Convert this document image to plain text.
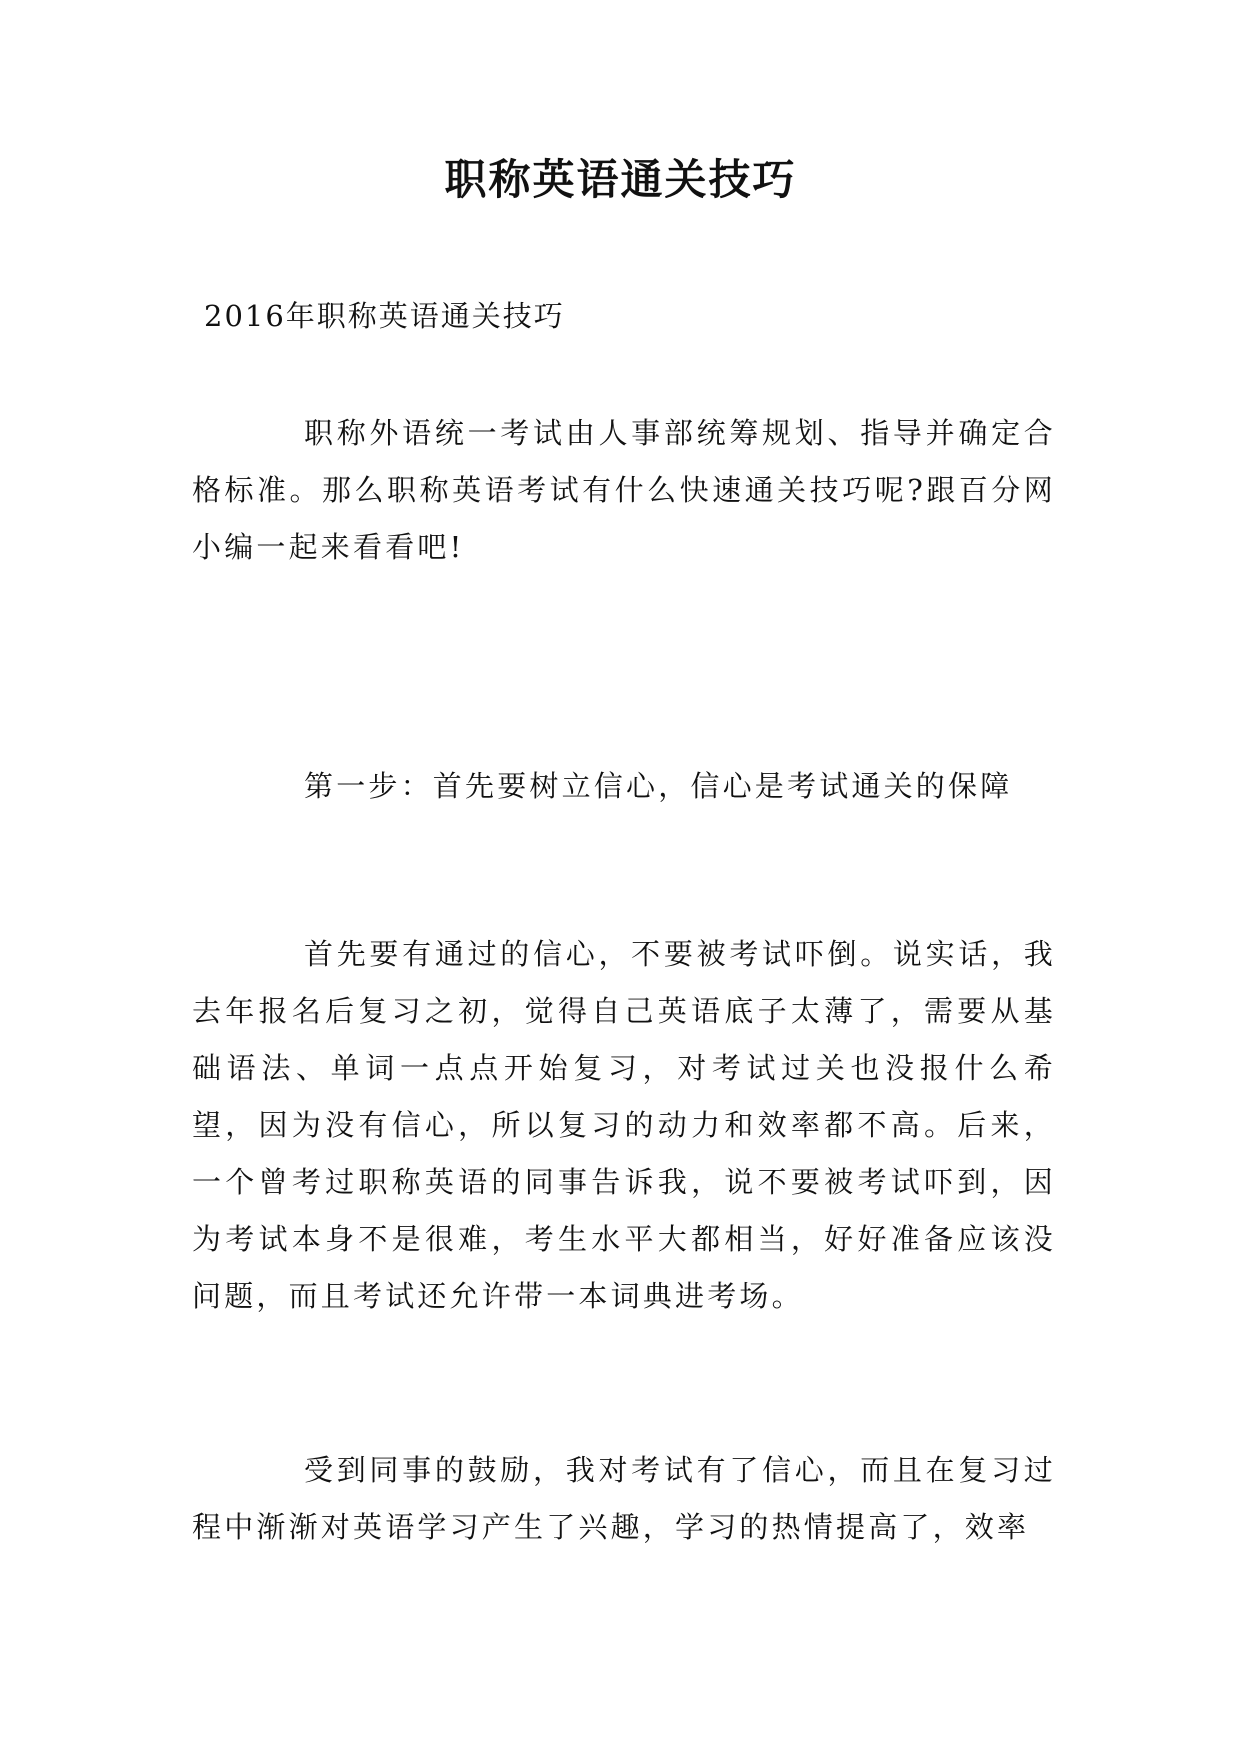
职称英语通关技巧
2016年职称英语通关技巧

职称外语统一考试由人事部统筹规划、指导并确定合格标准。那么职称英语考试有什么快速通关技巧呢?跟百分网小编一起来看看吧!

第一步：首先要树立信心，信心是考试通关的保障

首先要有通过的信心，不要被考试吓倒。说实话，我去年报名后复习之初，觉得自己英语底子太薄了，需要从基础语法、单词一点点开始复习，对考试过关也没报什么希望，因为没有信心，所以复习的动力和效率都不高。后来，一个曾考过职称英语的同事告诉我，说不要被考试吓到，因为考试本身不是很难，考生水平大都相当，好好准备应该没问题，而且考试还允许带一本词典进考场。

受到同事的鼓励，我对考试有了信心，而且在复习过程中渐渐对英语学习产生了兴趣，学习的热情提高了，效率
